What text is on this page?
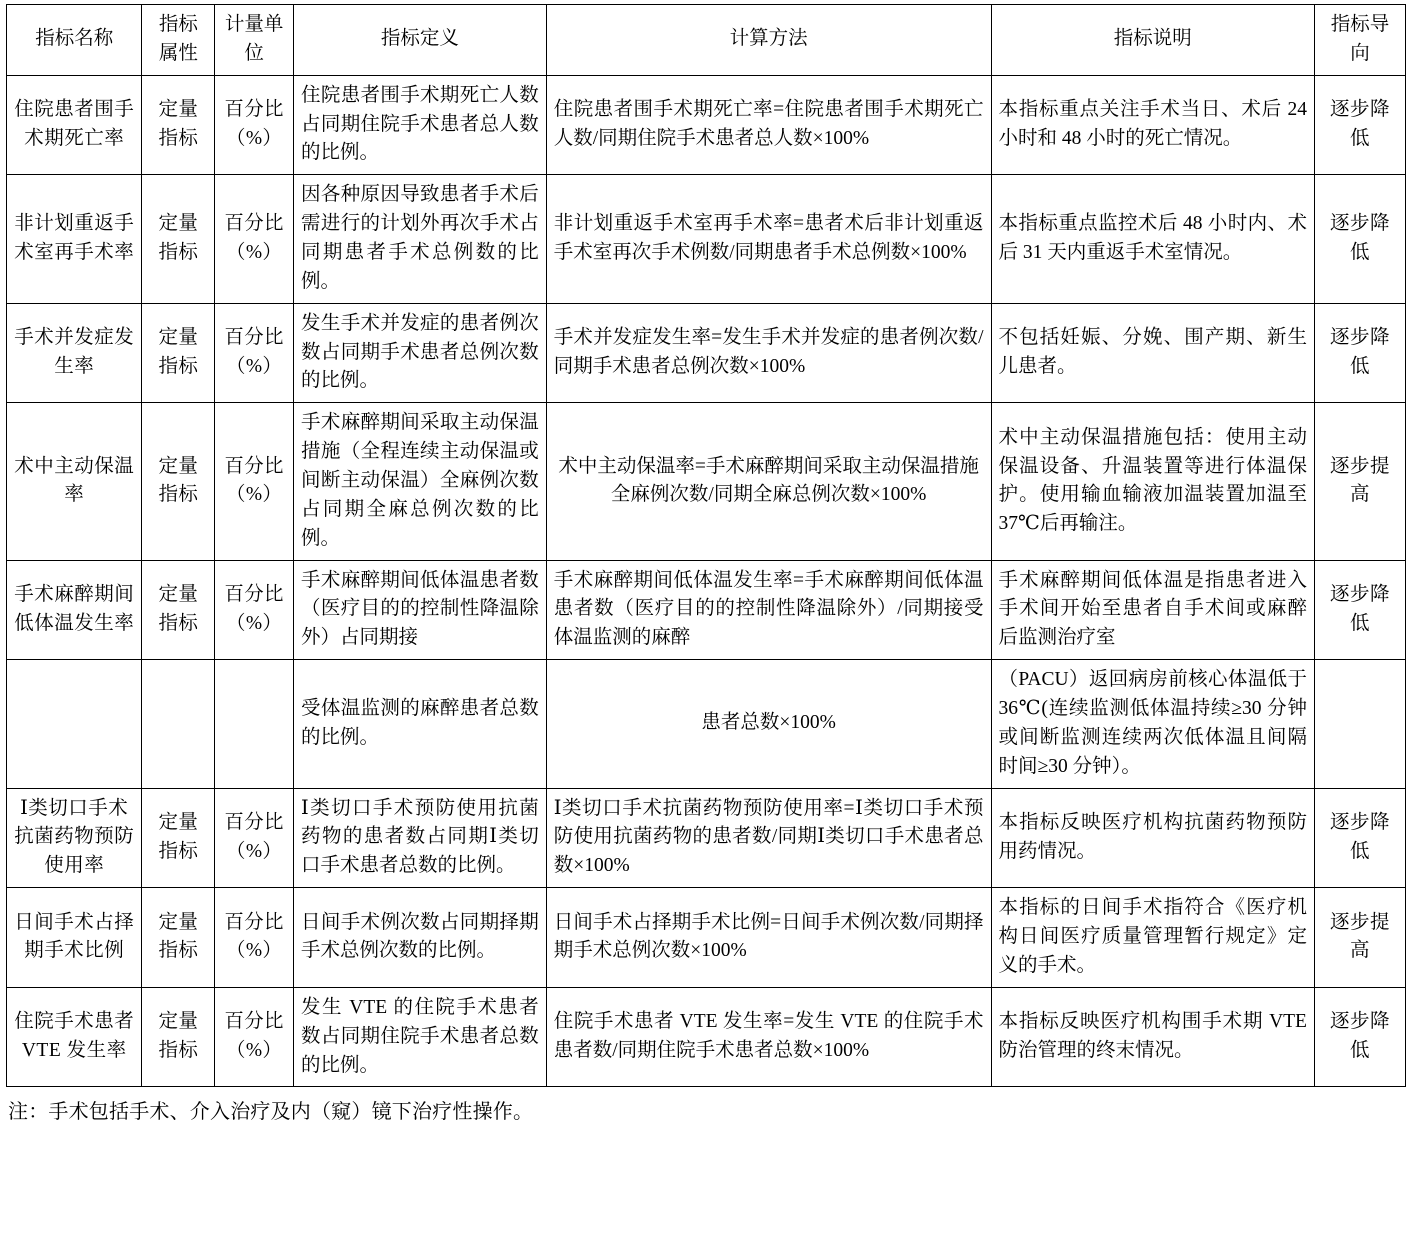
指标名称	指标属性	计量单位	指标定义	计算方法	指标说明	指标导向
住院患者围手术期死亡率	定量指标	百分比（%）	住院患者围手术期死亡人数占同期住院手术患者总人数的比例。	住院患者围手术期死亡率=住院患者围手术期死亡人数/同期住院手术患者总人数×100%	本指标重点关注手术当日、术后 24 小时和 48 小时的死亡情况。	逐步降低
非计划重返手术室再手术率	定量指标	百分比（%）	因各种原因导致患者手术后需进行的计划外再次手术占同期患者手术总例数的比例。	非计划重返手术室再手术率=患者术后非计划重返手术室再次手术例数/同期患者手术总例数×100%	本指标重点监控术后 48 小时内、术后 31 天内重返手术室情况。	逐步降低
手术并发症发生率	定量指标	百分比（%）	发生手术并发症的患者例次数占同期手术患者总例次数的比例。	手术并发症发生率=发生手术并发症的患者例次数/同期手术患者总例次数×100%	不包括妊娠、分娩、围产期、新生儿患者。	逐步降低
术中主动保温率	定量指标	百分比（%）	手术麻醉期间采取主动保温措施（全程连续主动保温或间断主动保温）全麻例次数占同期全麻总例次数的比例。	术中主动保温率=手术麻醉期间采取主动保温措施全麻例次数/同期全麻总例次数×100%	术中主动保温措施包括：使用主动保温设备、升温装置等进行体温保护。使用输血输液加温装置加温至 37℃后再输注。	逐步提高
手术麻醉期间低体温发生率	定量指标	百分比（%）	手术麻醉期间低体温患者数（医疗目的的控制性降温除外）占同期接	手术麻醉期间低体温发生率=手术麻醉期间低体温患者数（医疗目的的控制性降温除外）/同期接受体温监测的麻醉	手术麻醉期间低体温是指患者进入手术间开始至患者自手术间或麻醉后监测治疗室	逐步降低
			受体温监测的麻醉患者总数的比例。	患者总数×100%	（PACU）返回病房前核心体温低于 36℃(连续监测低体温持续≥30 分钟或间断监测连续两次低体温且间隔时间≥30 分钟）。	
Ⅰ类切口手术抗菌药物预防使用率	定量指标	百分比（%）	Ⅰ类切口手术预防使用抗菌药物的患者数占同期Ⅰ类切口手术患者总数的比例。	Ⅰ类切口手术抗菌药物预防使用率=Ⅰ类切口手术预防使用抗菌药物的患者数/同期Ⅰ类切口手术患者总数×100%	本指标反映医疗机构抗菌药物预防用药情况。	逐步降低
日间手术占择期手术比例	定量指标	百分比（%）	日间手术例次数占同期择期手术总例次数的比例。	日间手术占择期手术比例=日间手术例次数/同期择期手术总例次数×100%	本指标的日间手术指符合《医疗机构日间医疗质量管理暂行规定》定义的手术。	逐步提高
住院手术患者 VTE 发生率	定量指标	百分比（%）	发生 VTE 的住院手术患者数占同期住院手术患者总数的比例。	住院手术患者 VTE 发生率=发生 VTE 的住院手术患者数/同期住院手术患者总数×100%	本指标反映医疗机构围手术期 VTE 防治管理的终末情况。	逐步降低
注：手术包括手术、介入治疗及内（窥）镜下治疗性操作。
